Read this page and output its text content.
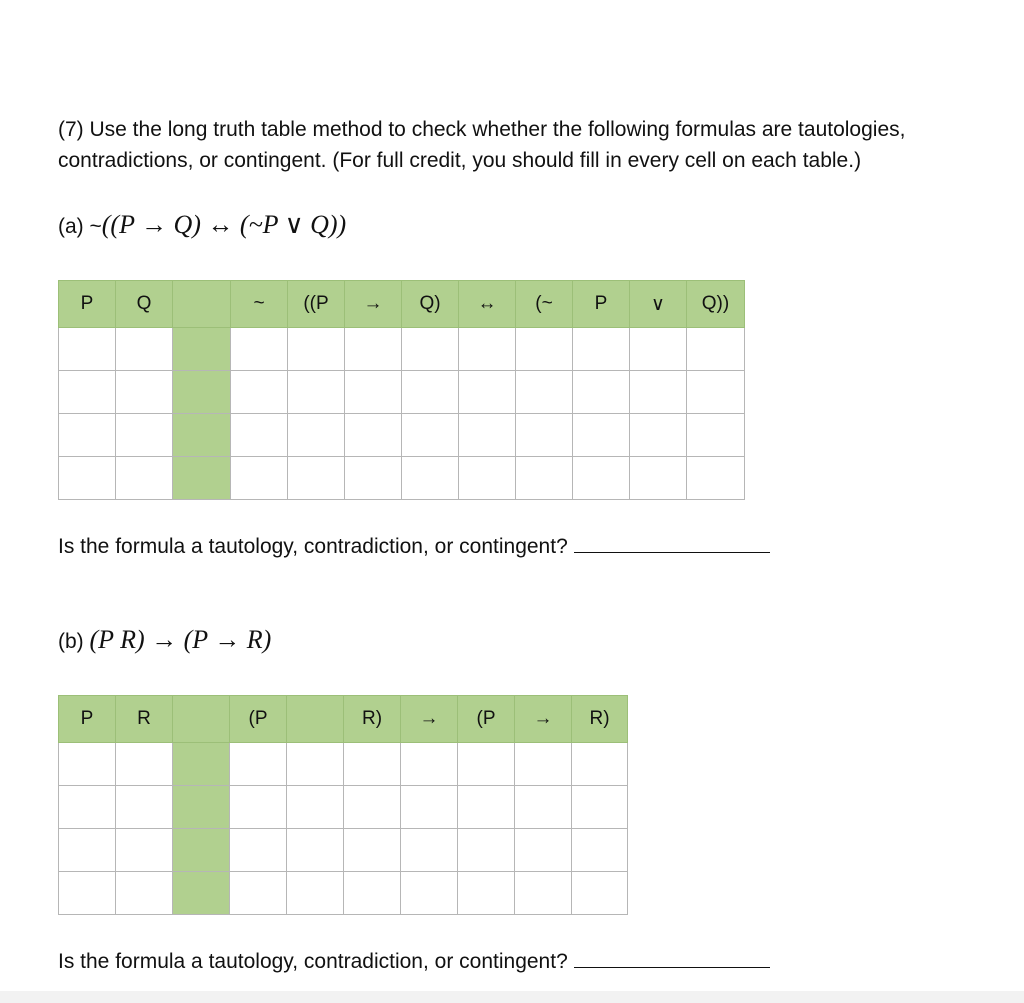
(7) Use the long truth table method to check whether the following formulas are tautologies, contradictions, or contingent. (For full credit, you should fill in every cell on each table.)
(a) ~((P → Q) ↔ (~P ∨ Q))
P	Q		~	((P	→	Q)	↔	(~	P	∨	Q))

Is the formula a tautology, contradiction, or contingent?
(b) (P R) → (P → R)
P	R		(P		R)	→	(P	→	R)

Is the formula a tautology, contradiction, or contingent?
